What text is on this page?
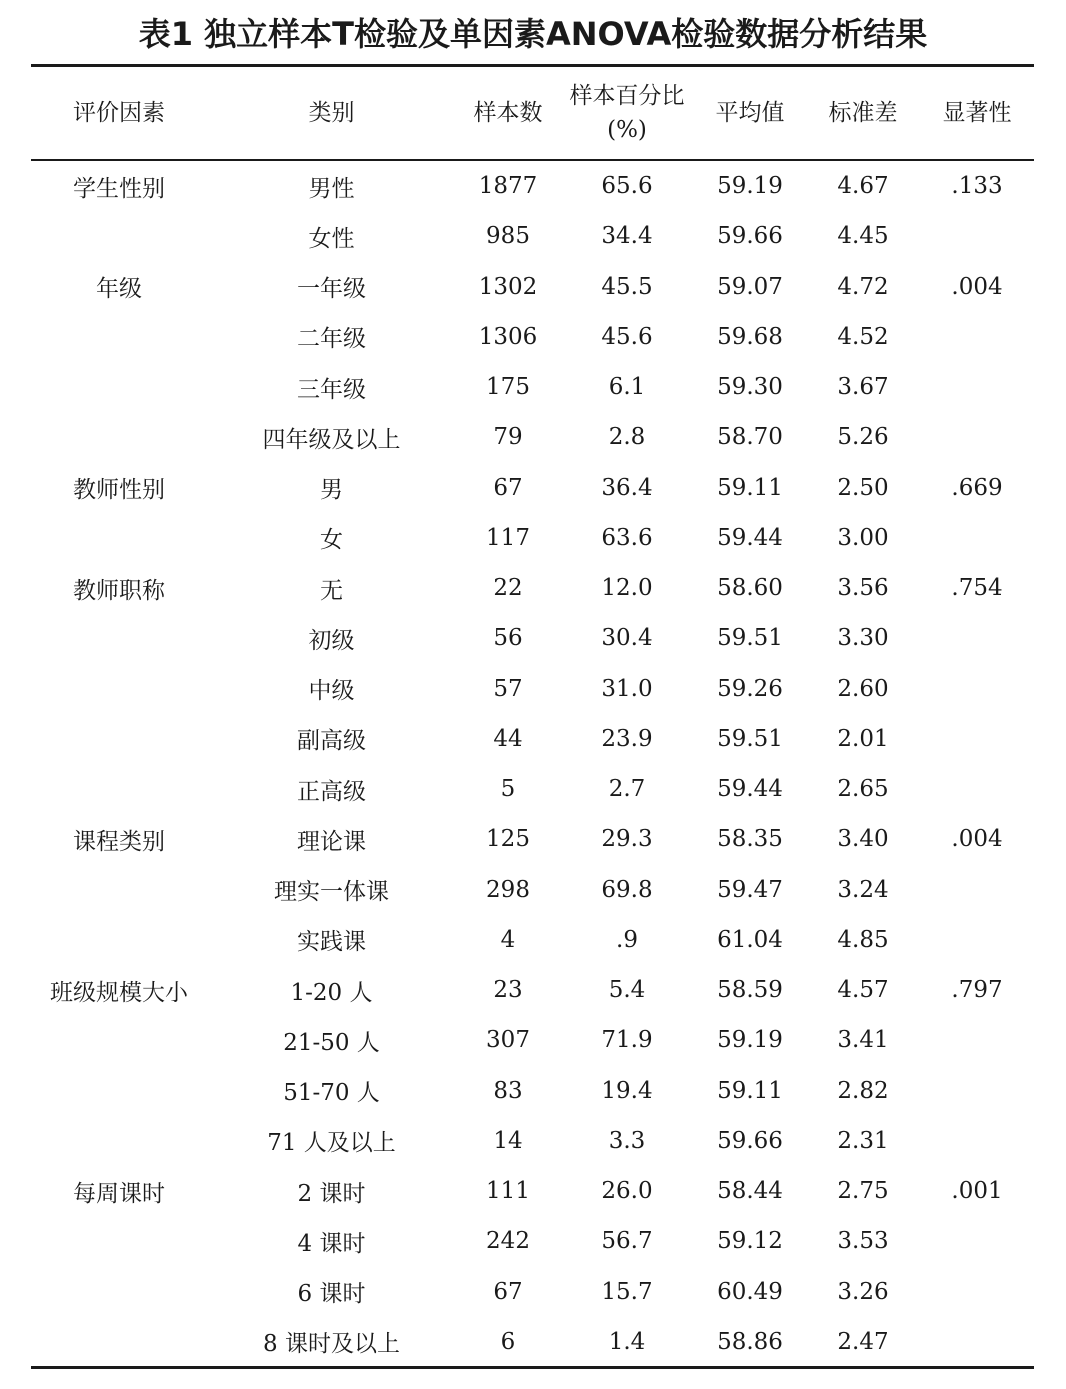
表1 独立样本T检验及单因素ANOVA检验数据分析结果
评价因素	类别	样本数	样本百分比(%)	平均值	标准差	显著性
学生性别	男性	1877	65.6	59.19	4.67	.133
	女性	985	34.4	59.66	4.45	
年级	一年级	1302	45.5	59.07	4.72	.004
	二年级	1306	45.6	59.68	4.52	
	三年级	175	6.1	59.30	3.67	
	四年级及以上	79	2.8	58.70	5.26	
教师性别	男	67	36.4	59.11	2.50	.669
	女	117	63.6	59.44	3.00	
教师职称	无	22	12.0	58.60	3.56	.754
	初级	56	30.4	59.51	3.30	
	中级	57	31.0	59.26	2.60	
	副高级	44	23.9	59.51	2.01	
	正高级	5	2.7	59.44	2.65	
课程类别	理论课	125	29.3	58.35	3.40	.004
	理实一体课	298	69.8	59.47	3.24	
	实践课	4	.9	61.04	4.85	
班级规模大小	1-20 人	23	5.4	58.59	4.57	.797
	21-50 人	307	71.9	59.19	3.41	
	51-70 人	83	19.4	59.11	2.82	
	71 人及以上	14	3.3	59.66	2.31	
每周课时	2 课时	111	26.0	58.44	2.75	.001
	4 课时	242	56.7	59.12	3.53	
	6 课时	67	15.7	60.49	3.26	
	8 课时及以上	6	1.4	58.86	2.47	
